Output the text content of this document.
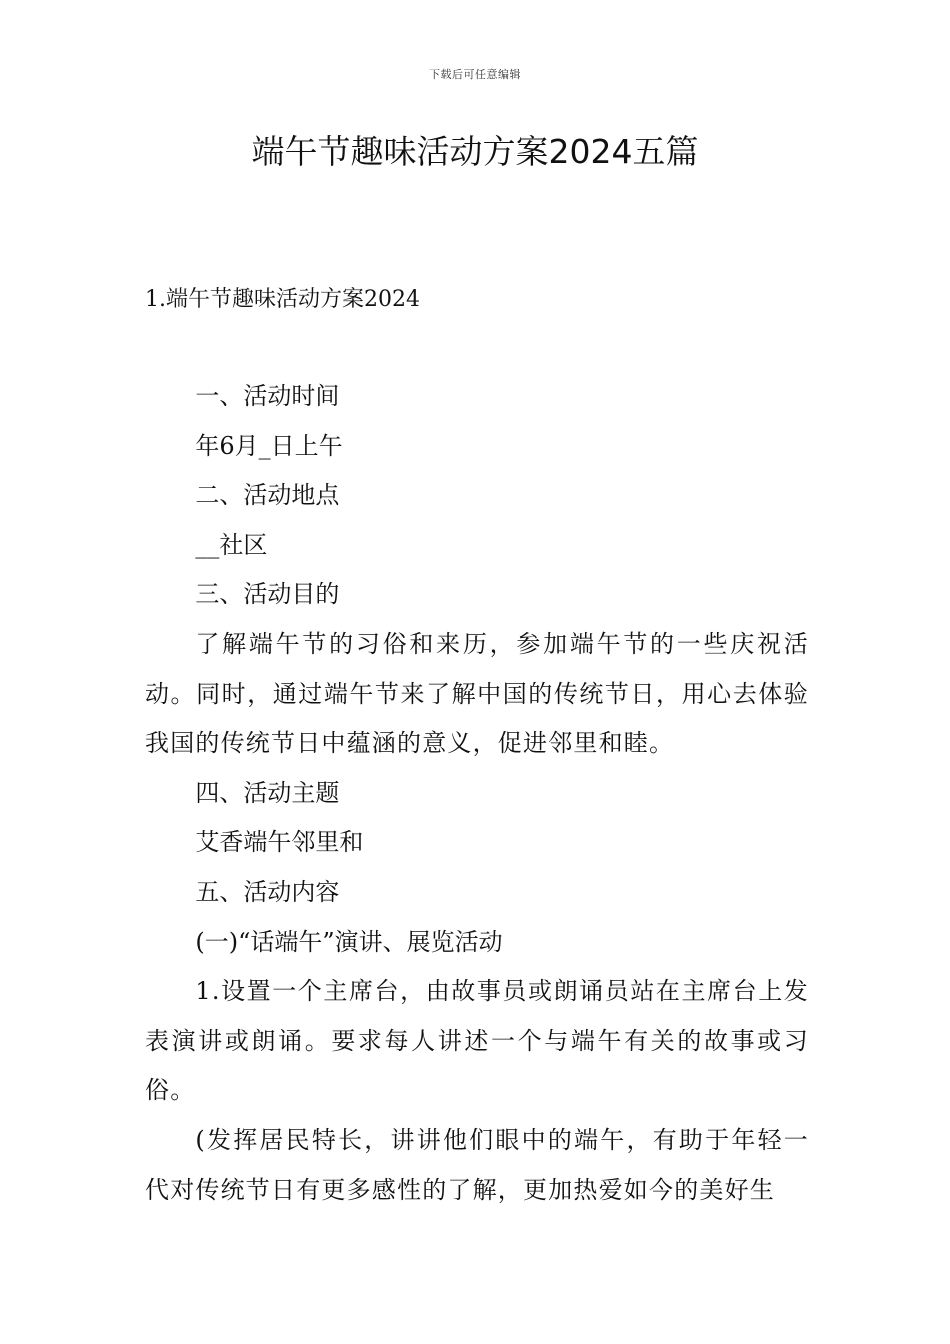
下载后可任意编辑
端午节趣味活动方案2024五篇
1.端午节趣味活动方案2024

一、活动时间

年6月_日上午

二、活动地点

__社区

三、活动目的

了解端午节的习俗和来历，参加端午节的一些庆祝活动。同时，通过端午节来了解中国的传统节日，用心去体验我国的传统节日中蕴涵的意义，促进邻里和睦。

四、活动主题

艾香端午邻里和

五、活动内容

(一)“话端午”演讲、展览活动

1.设置一个主席台，由故事员或朗诵员站在主席台上发表演讲或朗诵。要求每人讲述一个与端午有关的故事或习俗。

(发挥居民特长，讲讲他们眼中的端午，有助于年轻一代对传统节日有更多感性的了解，更加热爱如今的美好生
